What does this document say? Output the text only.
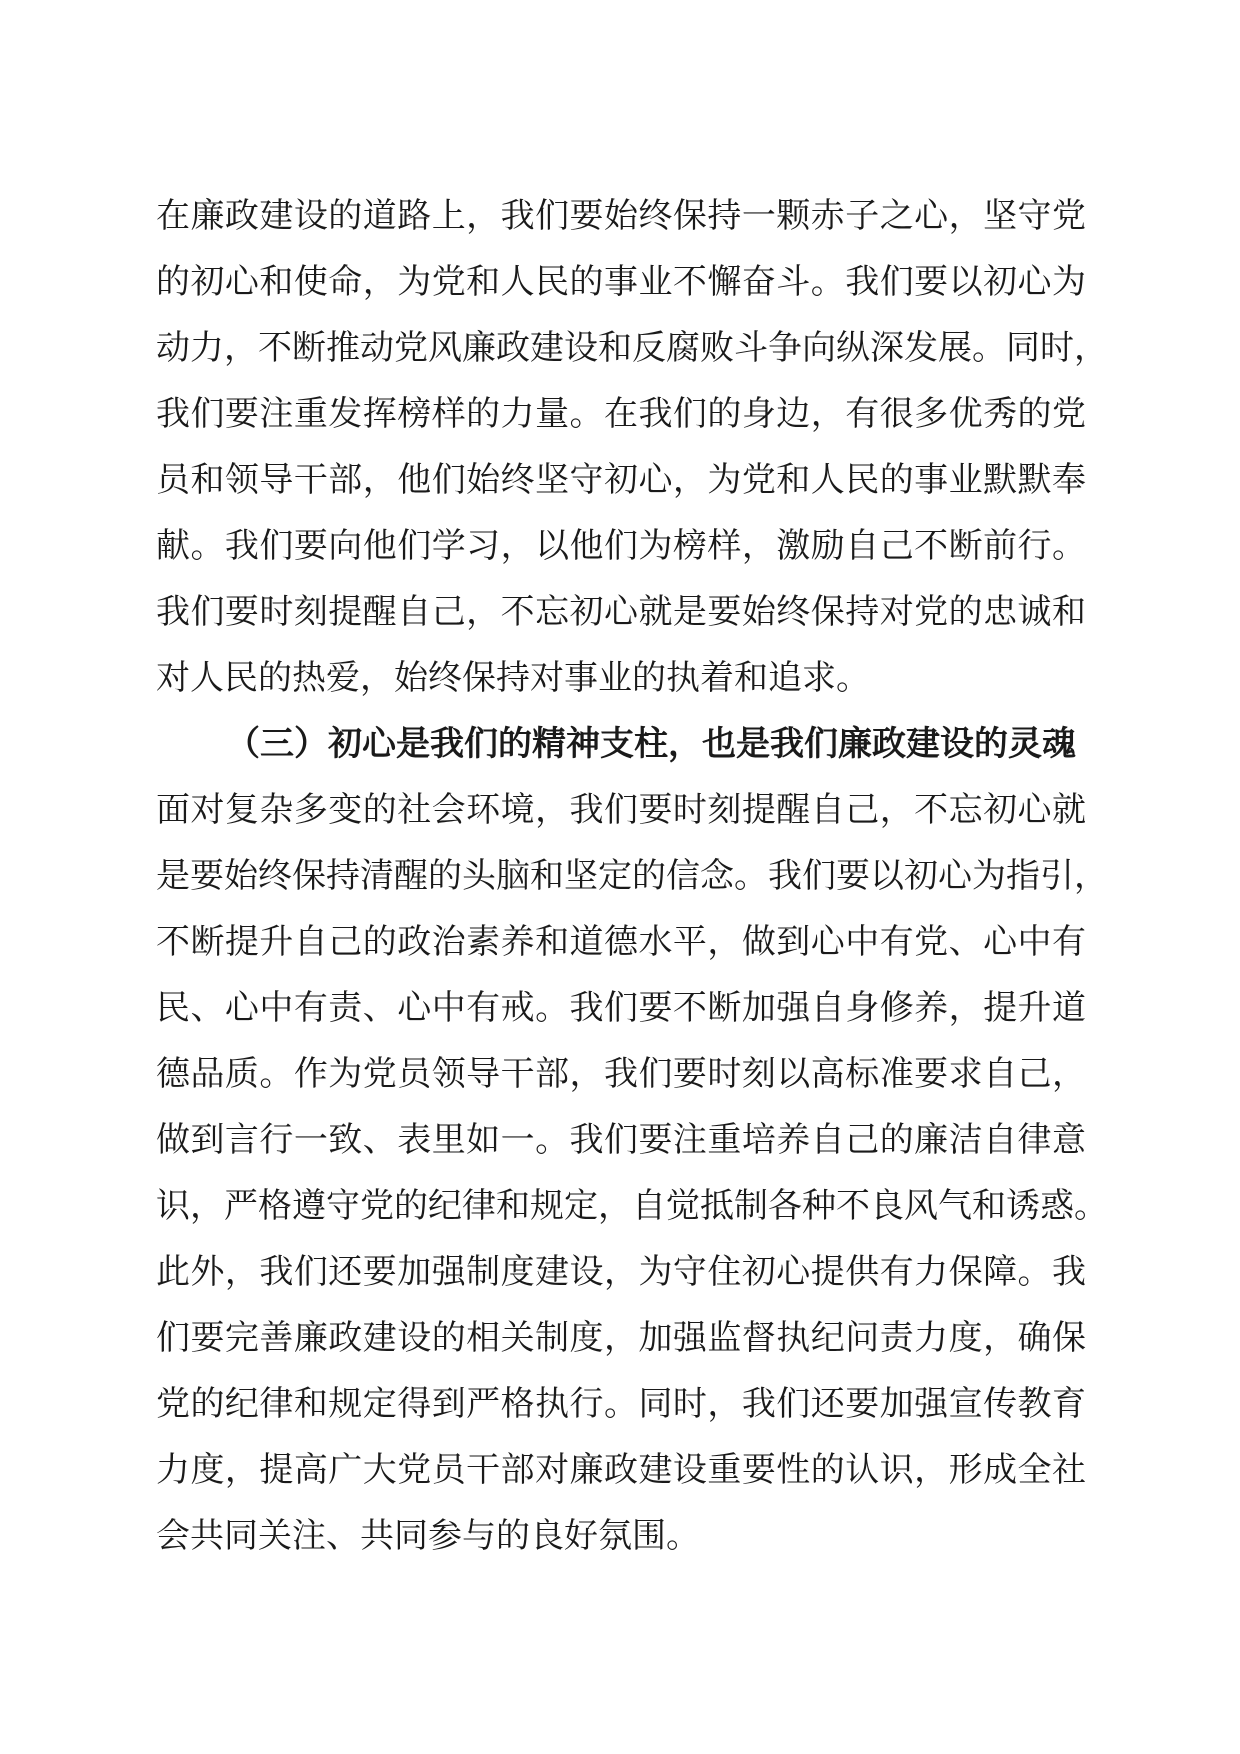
在廉政建设的道路上，我们要始终保持一颗赤子之心，坚守党
的初心和使命，为党和人民的事业不懈奋斗。我们要以初心为
动力，不断推动党风廉政建设和反腐败斗争向纵深发展。同时，
我们要注重发挥榜样的力量。在我们的身边，有很多优秀的党
员和领导干部，他们始终坚守初心，为党和人民的事业默默奉
献。我们要向他们学习，以他们为榜样，激励自己不断前行。
我们要时刻提醒自己，不忘初心就是要始终保持对党的忠诚和
对人民的热爱，始终保持对事业的执着和追求。
（三）初心是我们的精神支柱，也是我们廉政建设的灵魂
面对复杂多变的社会环境，我们要时刻提醒自己，不忘初心就
是要始终保持清醒的头脑和坚定的信念。我们要以初心为指引，
不断提升自己的政治素养和道德水平，做到心中有党、心中有
民、心中有责、心中有戒。我们要不断加强自身修养，提升道
德品质。作为党员领导干部，我们要时刻以高标准要求自己，
做到言行一致、表里如一。我们要注重培养自己的廉洁自律意
识，严格遵守党的纪律和规定，自觉抵制各种不良风气和诱惑。
此外，我们还要加强制度建设，为守住初心提供有力保障。我
们要完善廉政建设的相关制度，加强监督执纪问责力度，确保
党的纪律和规定得到严格执行。同时，我们还要加强宣传教育
力度，提高广大党员干部对廉政建设重要性的认识，形成全社
会共同关注、共同参与的良好氛围。
